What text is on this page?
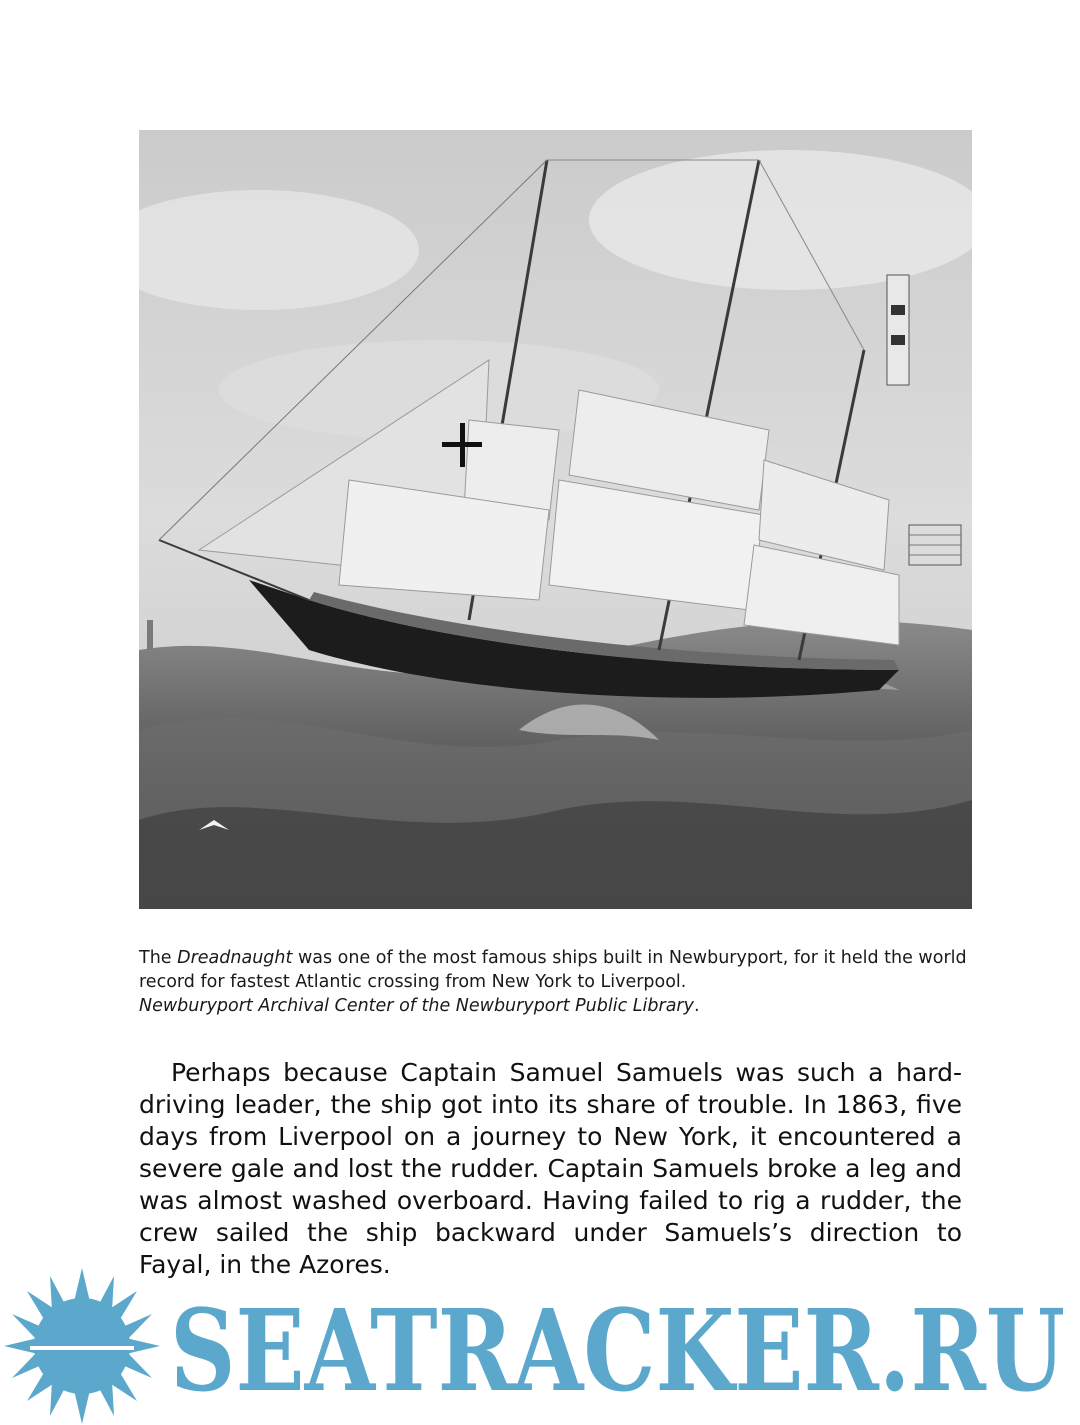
The Dreadnaught was one of the most famous ships built in Newburyport, for it held the world record for fastest Atlantic crossing from New York to Liverpool.
Newburyport Archival Center of the Newburyport Public Library.

Perhaps because Captain Samuel Samuels was such a hard-driving leader, the ship got into its share of trouble. In 1863, five days from Liverpool on a journey to New York, it encountered a severe gale and lost the rudder. Captain Samuels broke a leg and was almost washed overboard. Having failed to rig a rudder, the crew sailed the ship backward under Samuels’s direction to Fayal, in the Azores.

SEATRACKER.RU
